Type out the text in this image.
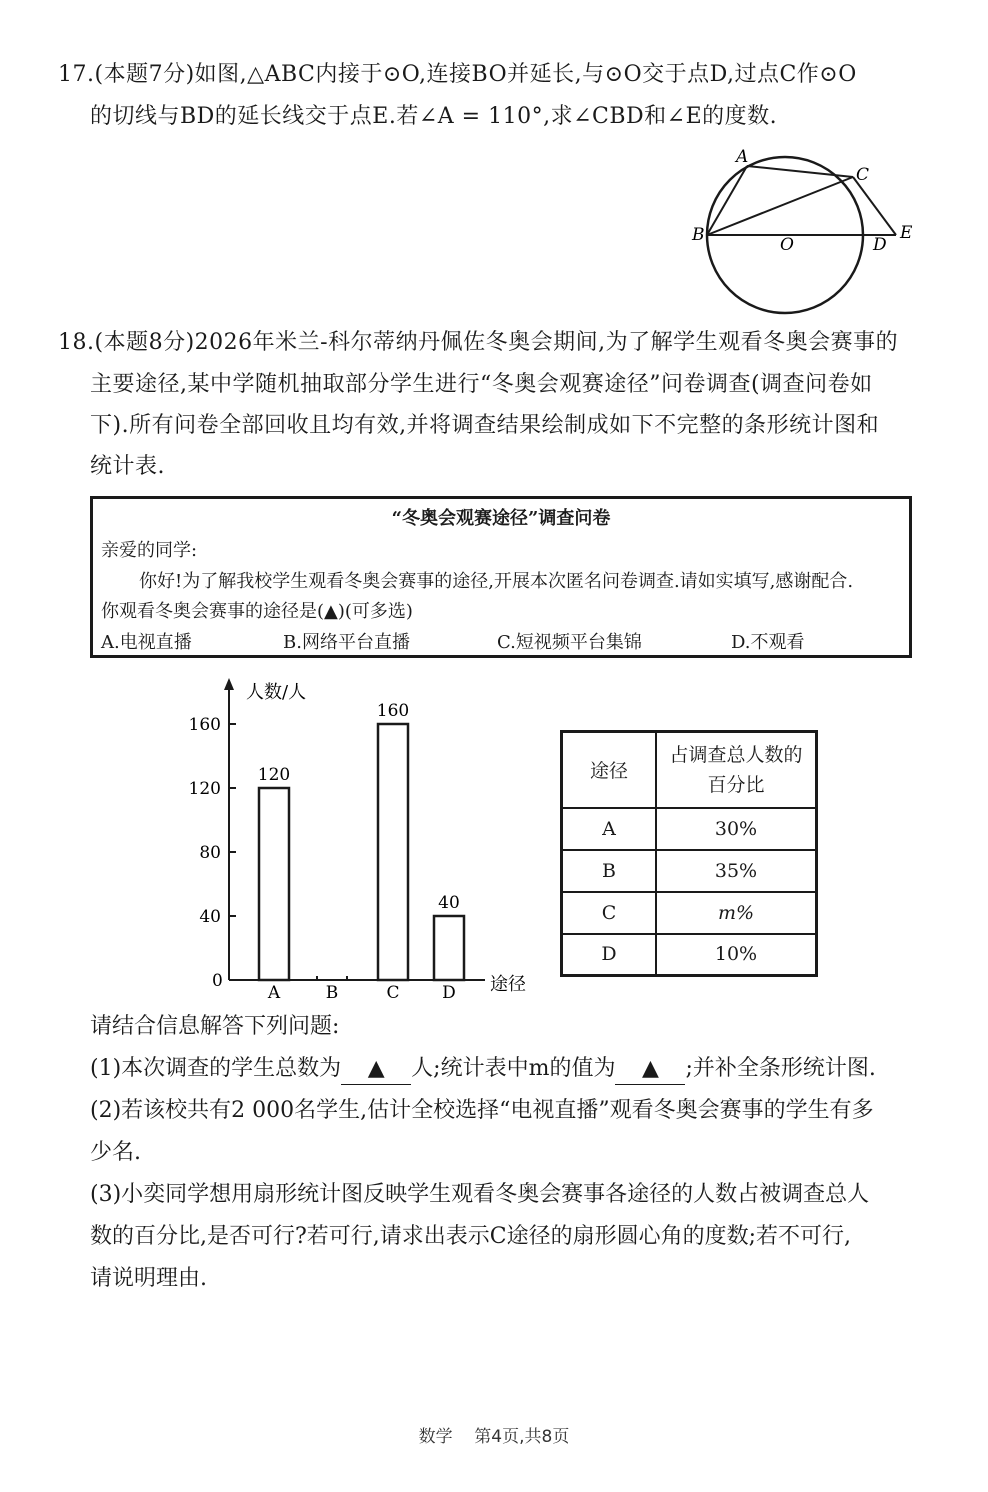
17.(本题7分)如图,△ABC内接于⊙O,连接BO并延长,与⊙O交于点D,过点C作⊙O
的切线与BD的延长线交于点E.若∠A = 110°,求∠CBD和∠E的度数.
A
C
B	O	D
E
18.(本题8分)2026年米兰-科尔蒂纳丹佩佐冬奥会期间,为了解学生观看冬奥会赛事的
主要途径,某中学随机抽取部分学生进行“冬奥会观赛途径”问卷调查(调查问卷如
下).所有问卷全部回收且均有效,并将调查结果绘制成如下不完整的条形统计图和
统计表.
“冬奥会观赛途径”调查问卷
亲爱的同学:
你好!为了解我校学生观看冬奥会赛事的途径,开展本次匿名问卷调查.请如实填写,感谢配合.
你观看冬奥会赛事的途径是(▲)(可多选)
A.电视直播	B.网络平台直播	C.短视频平台集锦	D.不观看
人数/人
途径
0
40
80
120
160
A
120
B	C
160
D
40
途径	占调查总人数的
百分比
A	30%
B	35%
C	m%
D	10%
请结合信息解答下列问题:
(1)本次调查的学生总数为 ▲ 人;统计表中m的值为 ▲ ;并补全条形统计图.
(2)若该校共有2 000名学生,估计全校选择“电视直播”观看冬奥会赛事的学生有多
少名.
(3)小奕同学想用扇形统计图反映学生观看冬奥会赛事各途径的人数占被调查总人
数的百分比,是否可行?若可行,请求出表示C途径的扇形圆心角的度数;若不可行,
请说明理由.
数学    第4页,共8页
